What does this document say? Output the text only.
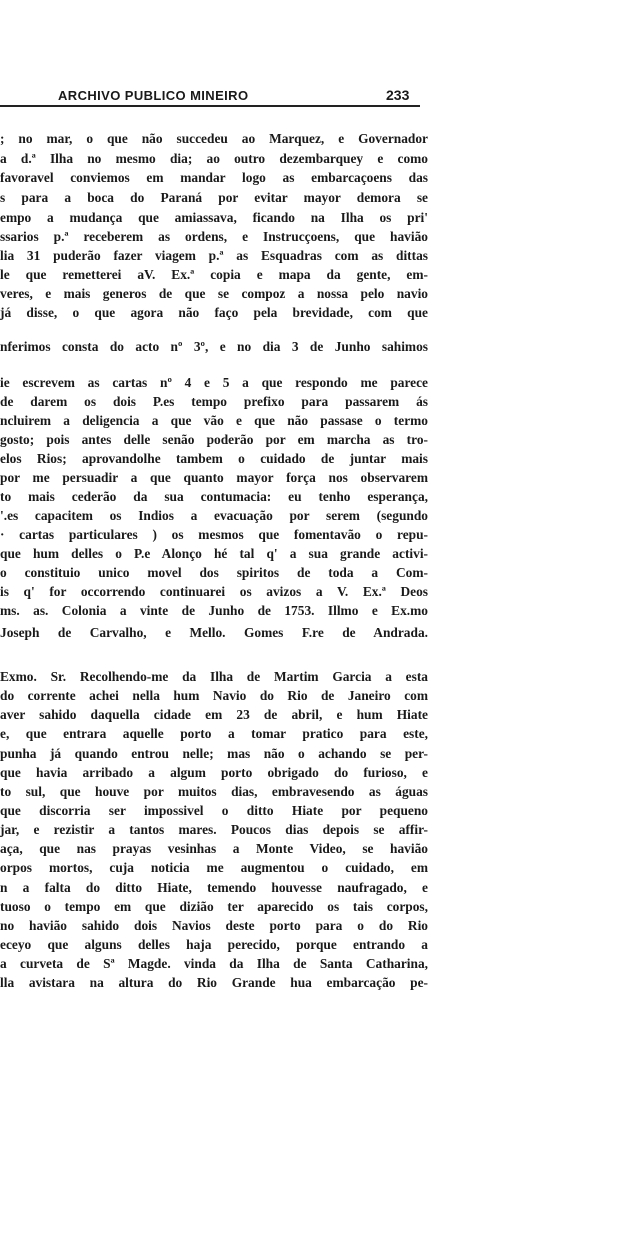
ARCHIVO PUBLICO MINEIRO	233
; no mar, o que não succedeu ao Marquez, e Governador
a d.ª Ilha no mesmo dia; ao outro dezembarquey e como
favoravel conviemos em mandar logo as embarcaçoens das
s para a boca do Paraná por evitar mayor demora se
empo a mudança que amiassava, ficando na Ilha os pri'
ssarios p.ª receberem as ordens, e Instrucçoens, que havião
lia 31 puderão fazer viagem p.ª as Esquadras com as dittas
le que remetterei aV. Ex.ª copia e mapa da gente, em-
veres, e mais generos de que se compoz a nossa pelo navio
já disse, o que agora não faço pela brevidade, com que
nferimos consta do acto nº 3º, e no dia 3 de Junho sahimos
ie escrevem as cartas nº 4 e 5 a que respondo me parece
de darem os dois P.es tempo prefixo para passarem ás
ncluirem a deligencia a que vão e que não passase o termo
gosto; pois antes delle senão poderão por em marcha as tro-
elos Rios; aprovandolhe tambem o cuidado de juntar mais
por me persuadir a que quanto mayor força nos observarem
to mais cederão da sua contumacia: eu tenho esperança,
'.es capacitem os Indios a evacuação por serem (segundo
· cartas particulares ) os mesmos que fomentavão o repu-
que hum delles o P.e Alonço hé tal q' a sua grande activi-
o constituio unico movel dos spiritos de toda a Com-
is q' for occorrendo continuarei os avizos a V. Ex.ª Deos
ms. as. Colonia a vinte de Junho de 1753. Illmo e Ex.mo
Joseph de Carvalho, e Mello. Gomes F.re de Andrada.
Exmo. Sr. Recolhendo-me da Ilha de Martim Garcia a esta
do corrente achei nella hum Navio do Rio de Janeiro com
aver sahido daquella cidade em 23 de abril, e hum Hiate
e, que entrara aquelle porto a tomar pratico para este,
punha já quando entrou nelle; mas não o achando se per-
que havia arribado a algum porto obrigado do furioso, e
to sul, que houve por muitos dias, embravesendo as águas
que discorria ser impossivel o ditto Hiate por pequeno
jar, e rezistir a tantos mares. Poucos dias depois se affir-
aça, que nas prayas vesinhas a Monte Video, se havião
orpos mortos, cuja noticia me augmentou o cuidado, em
n a falta do ditto Hiate, temendo houvesse naufragado, e
tuoso o tempo em que dizião ter aparecido os tais corpos,
no havião sahido dois Navios deste porto para o do Rio
eceyo que alguns delles haja perecido, porque entrando a
a curveta de Sª Magde. vinda da Ilha de Santa Catharina,
lla avistara na altura do Rio Grande hua embarcação pe-
